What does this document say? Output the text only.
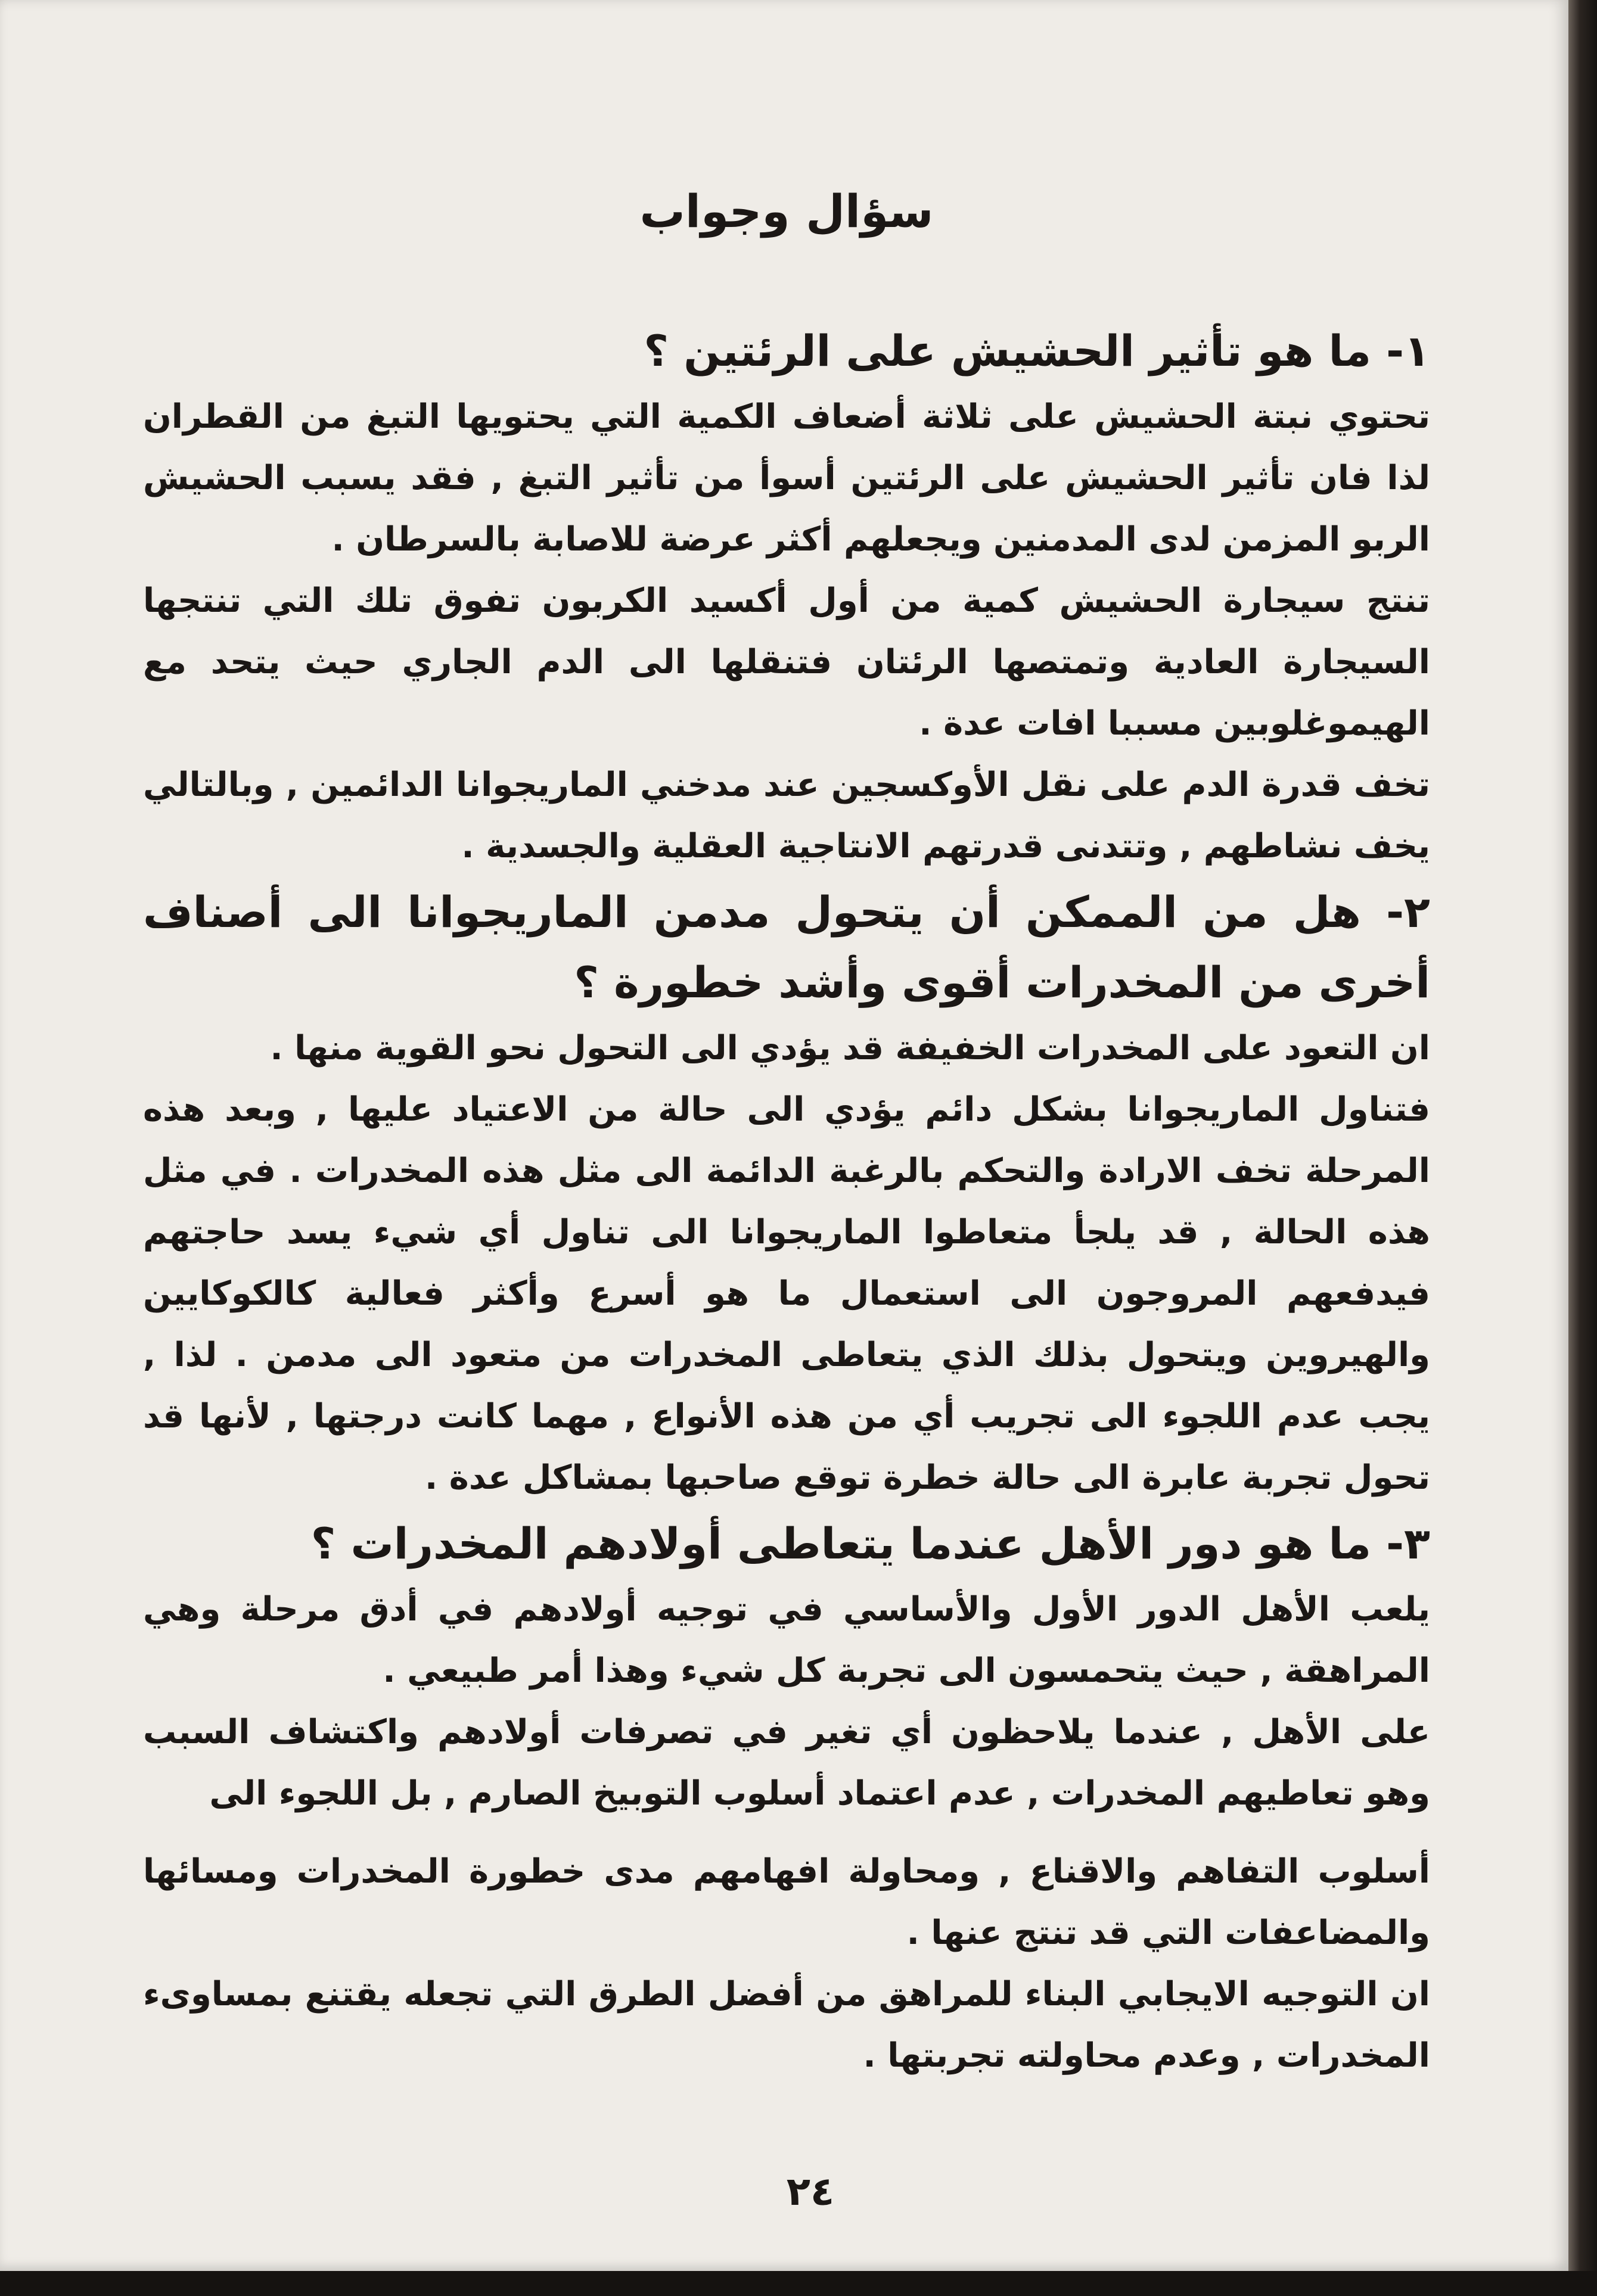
سؤال وجواب
١- ما هو تأثير الحشيش على الرئتين ؟

تحتوي نبتة الحشيش على ثلاثة أضعاف الكمية التي يحتويها التبغ من القطران لذا فان تأثير الحشيش على الرئتين أسوأ من تأثير التبغ , فقد يسبب الحشيش الربو المزمن لدى المدمنين ويجعلهم أكثر عرضة للاصابة بالسرطان .

تنتج سيجارة الحشيش كمية من أول أكسيد الكربون تفوق تلك التي تنتجها السيجارة العادية وتمتصها الرئتان فتنقلها الى الدم الجاري حيث يتحد مع الهيموغلوبين مسببا افات عدة .

تخف قدرة الدم على نقل الأوكسجين عند مدخني الماريجوانا الدائمين , وبالتالي يخف نشاطهم , وتتدنى قدرتهم الانتاجية العقلية والجسدية .

٢- هل من الممكن أن يتحول مدمن الماريجوانا الى أصناف أخرى من المخدرات أقوى وأشد خطورة ؟

ان التعود على المخدرات الخفيفة قد يؤدي الى التحول نحو القوية منها .

فتناول الماريجوانا بشكل دائم يؤدي الى حالة من الاعتياد عليها , وبعد هذه المرحلة تخف الارادة والتحكم بالرغبة الدائمة الى مثل هذه المخدرات . في مثل هذه الحالة , قد يلجأ متعاطوا الماريجوانا الى تناول أي شيء يسد حاجتهم فيدفعهم المروجون الى استعمال ما هو أسرع وأكثر فعالية كالكوكايين والهيروين ويتحول بذلك الذي يتعاطى المخدرات من متعود الى مدمن . لذا , يجب عدم اللجوء الى تجريب أي من هذه الأنواع , مهما كانت درجتها , لأنها قد تحول تجربة عابرة الى حالة خطرة توقع صاحبها بمشاكل عدة .

٣- ما هو دور الأهل عندما يتعاطى أولادهم المخدرات ؟

يلعب الأهل الدور الأول والأساسي في توجيه أولادهم في أدق مرحلة وهي المراهقة , حيث يتحمسون الى تجربة كل شيء وهذا أمر طبيعي .

على الأهل , عندما يلاحظون أي تغير في تصرفات أولادهم واكتشاف السبب وهو تعاطيهم المخدرات , عدم اعتماد أسلوب التوبيخ الصارم , بل اللجوء الى

أسلوب التفاهم والاقناع , ومحاولة افهامهم مدى خطورة المخدرات ومسائها والمضاعفات التي قد تنتج عنها .

ان التوجيه الايجابي البناء للمراهق من أفضل الطرق التي تجعله يقتنع بمساوىء المخدرات , وعدم محاولته تجربتها .

٢٤
